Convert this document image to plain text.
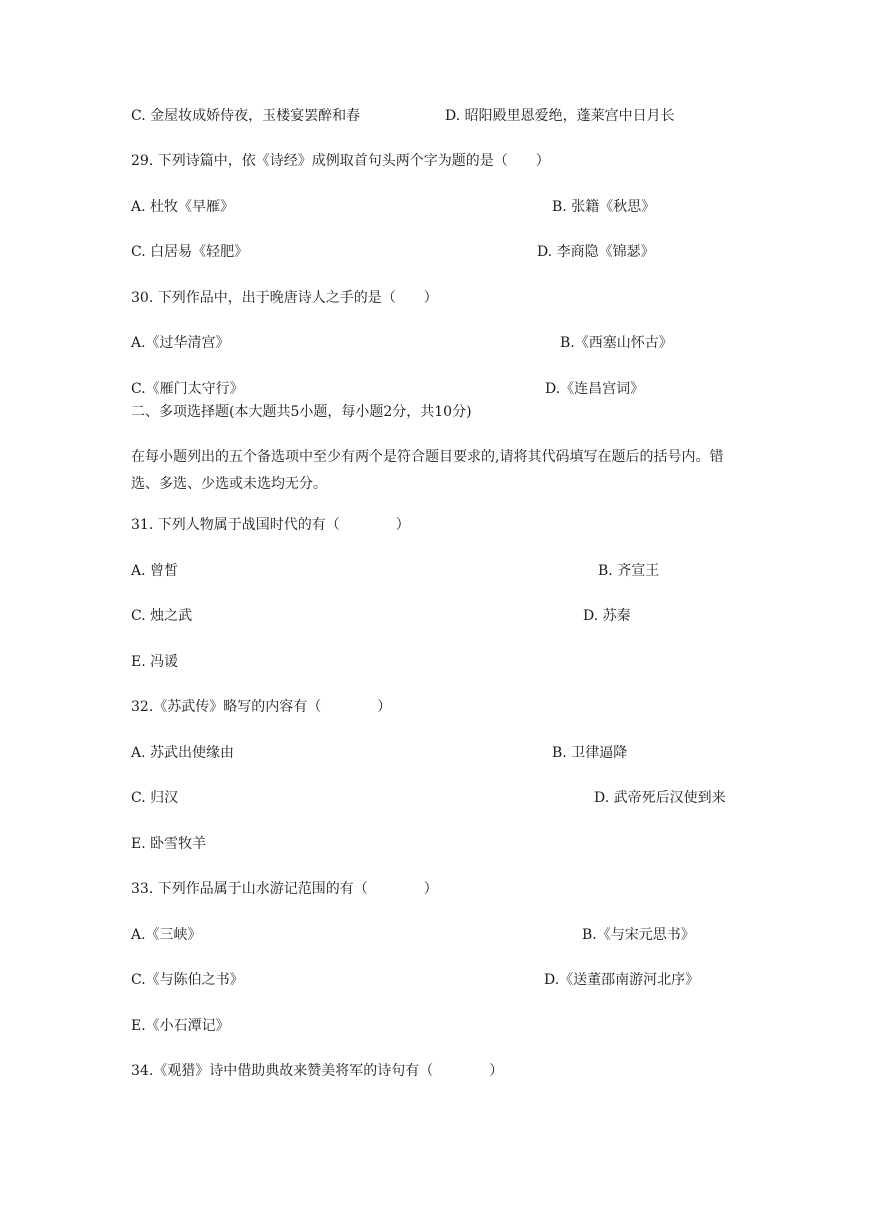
C. 金屋妆成娇侍夜，玉楼宴罢醉和春	D. 昭阳殿里恩爱绝，蓬莱宫中日月长
29. 下列诗篇中，依《诗经》成例取首句头两个字为题的是（　　）
A. 杜牧《早雁》	B. 张籍《秋思》
C. 白居易《轻肥》	D. 李商隐《锦瑟》
30. 下列作品中，出于晚唐诗人之手的是（　　）
A.《过华清宫》	B.《西塞山怀古》
C.《雁门太守行》	D.《连昌宫词》
二、多项选择题(本大题共5小题，每小题2分，共10分)
在每小题列出的五个备选项中至少有两个是符合题目要求的,请将其代码填写在题后的括号内。错选、多选、少选或未选均无分。
31. 下列人物属于战国时代的有（　　　　）
A. 曾皙	B. 齐宣王
C. 烛之武	D. 苏秦
E. 冯谖
32.《苏武传》略写的内容有（　　　　）
A. 苏武出使缘由	B. 卫律逼降
C. 归汉	D. 武帝死后汉使到来
E. 卧雪牧羊
33. 下列作品属于山水游记范围的有（　　　　）
A.《三峡》	B.《与宋元思书》
C.《与陈伯之书》	D.《送董邵南游河北序》
E.《小石潭记》
34.《观猎》诗中借助典故来赞美将军的诗句有（　　　　）
